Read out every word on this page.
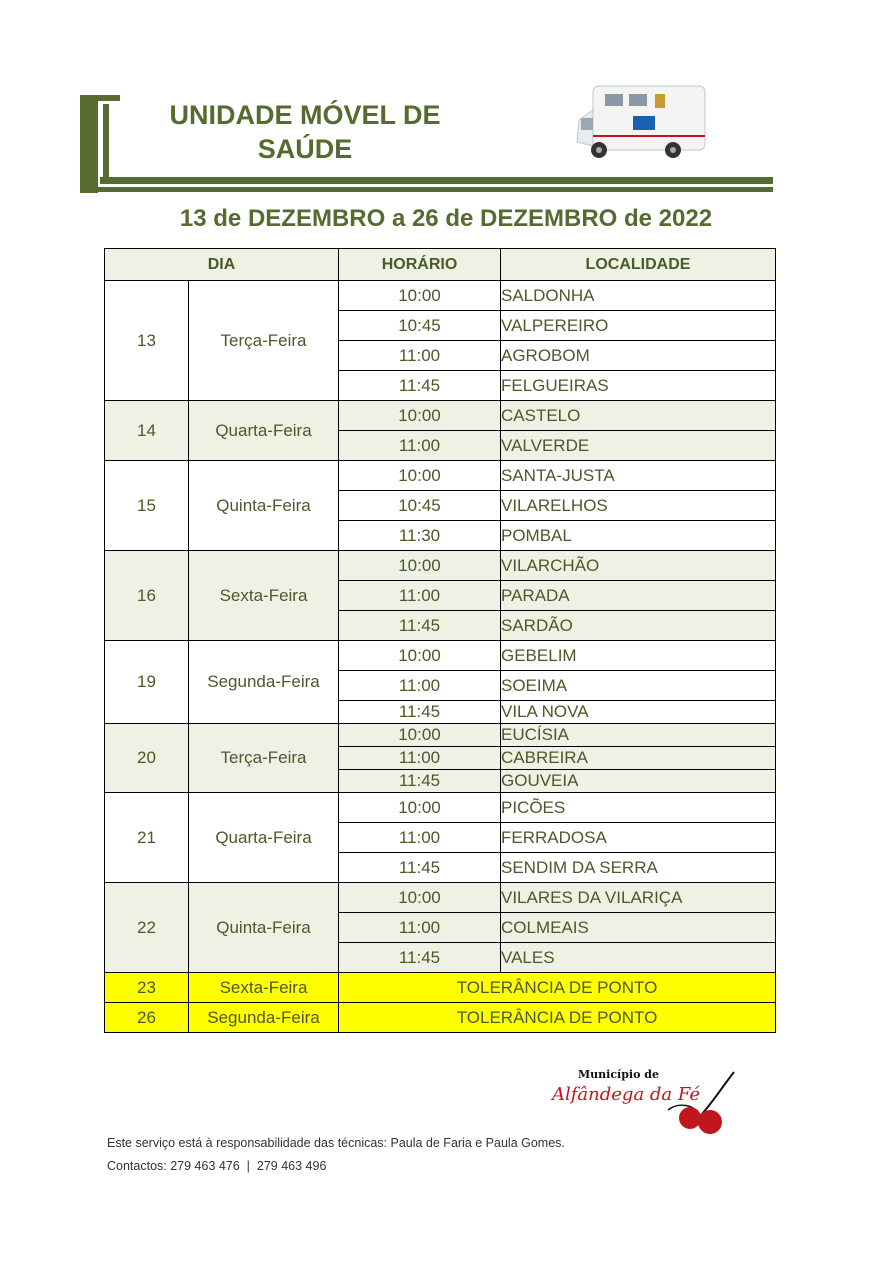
UNIDADE MÓVEL DE
SAÚDE
13 de DEZEMBRO a 26 de DEZEMBRO de 2022
DIA		HORÁRIO	LOCALIDADE
13	Terça-Feira	10:00	SALDONHA
		10:45	VALPEREIRO
		11:00	AGROBOM
		11:45	FELGUEIRAS
14	Quarta-Feira	10:00	CASTELO
		11:00	VALVERDE
15	Quinta-Feira	10:00	SANTA-JUSTA
		10:45	VILARELHOS
		11:30	POMBAL
16	Sexta-Feira	10:00	VILARCHÃO
		11:00	PARADA
		11:45	SARDÃO
19	Segunda-Feira	10:00	GEBELIM
		11:00	SOEIMA
		11:45	VILA NOVA
20	Terça-Feira	10:00	EUCÍSIA
		11:00	CABREIRA
		11:45	GOUVEIA
21	Quarta-Feira	10:00	PICÕES
		11:00	FERRADOSA
		11:45	SENDIM DA SERRA
22	Quinta-Feira	10:00	VILARES DA VILARIÇA
		11:00	COLMEAIS
		11:45	VALES
23	Sexta-Feira	TOLERÂNCIA DE PONTO	
26	Segunda-Feira	TOLERÂNCIA DE PONTO	
Município de
Alfândega da Fé
Este serviço está à responsabilidade das técnicas: Paula de Faria e Paula Gomes.
Contactos: 279 463 476  |  279 463 496
